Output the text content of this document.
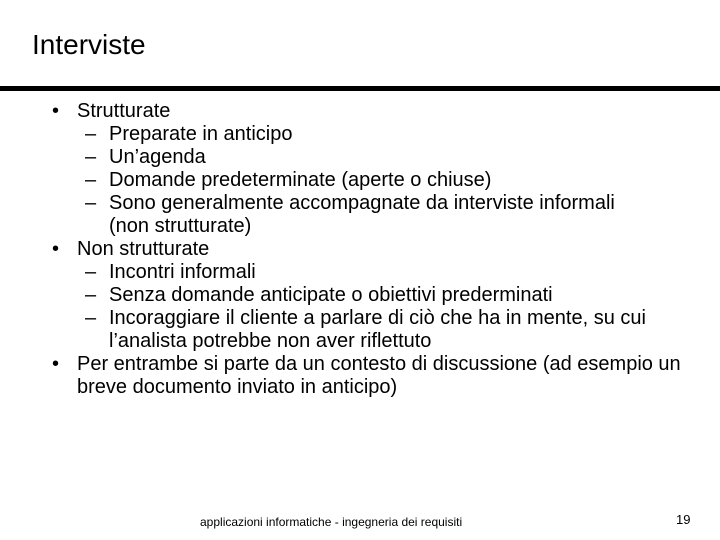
Interviste
• Strutturate
– Preparate in anticipo
– Un’agenda
– Domande predeterminate (aperte o chiuse)
– Sono generalmente accompagnate da interviste informali (non strutturate)
• Non strutturate
– Incontri informali
– Senza domande anticipate o obiettivi prederminati
– Incoraggiare il cliente a parlare di ciò che ha in mente, su cui l’analista potrebbe non aver riflettuto
• Per entrambe si parte da un contesto di discussione (ad esempio un breve documento inviato in anticipo)
applicazioni informatiche - ingegneria dei requisiti	19
